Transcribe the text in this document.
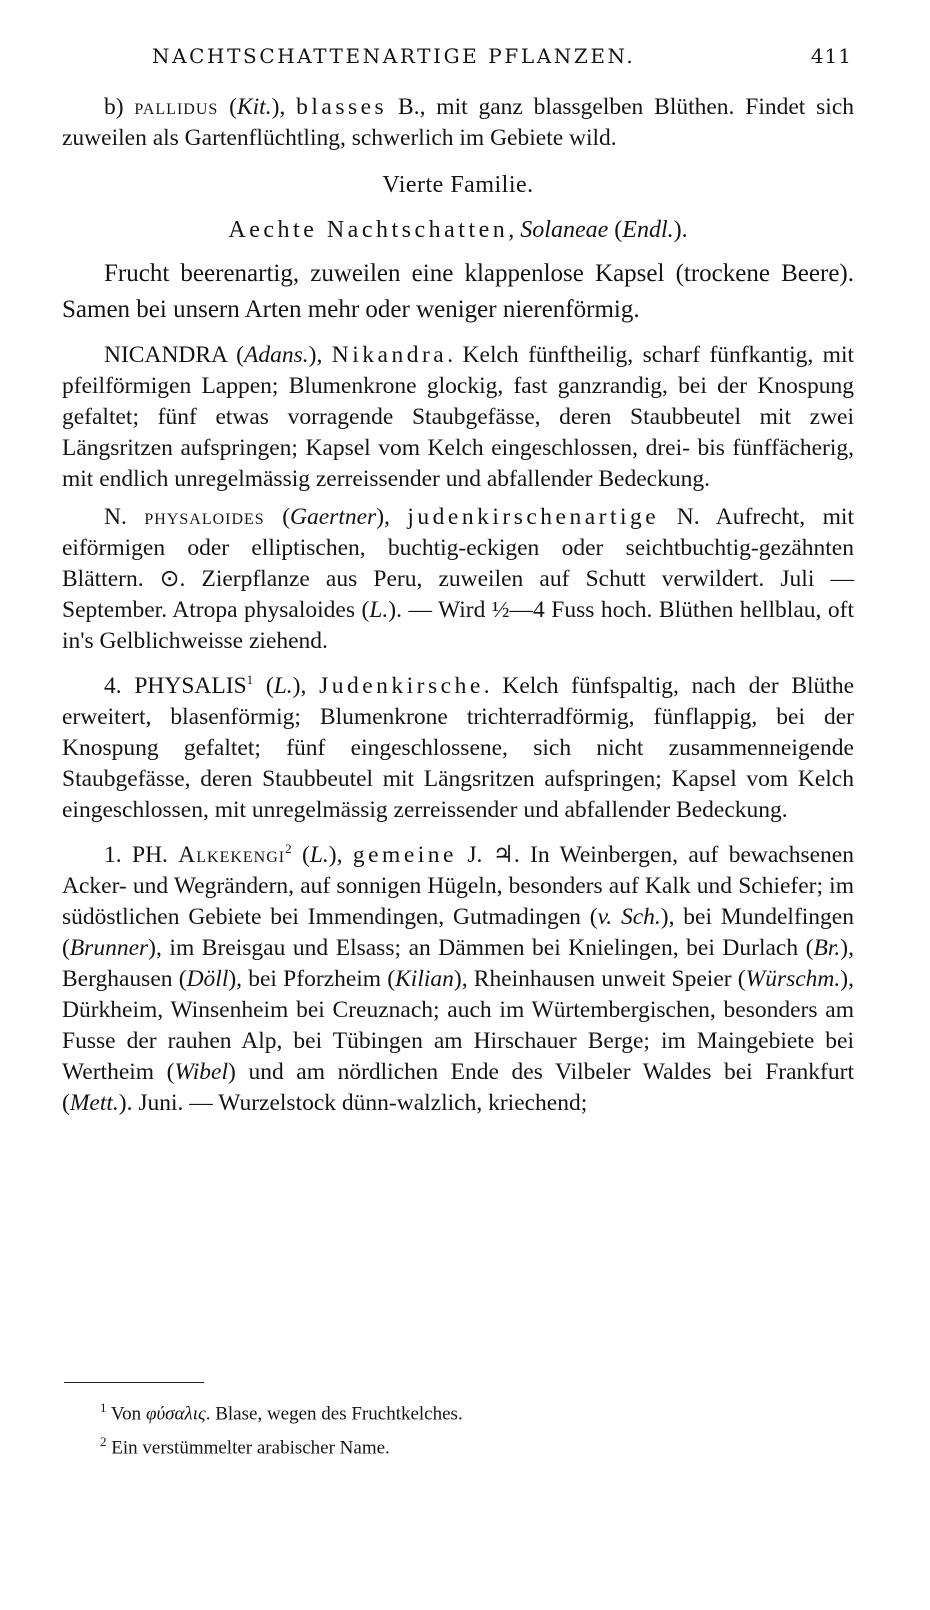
NACHTSCHATTENARTIGE PFLANZEN.	411

b) pallidus (Kit.), blasses B., mit ganz blassgelben Blüthen. Findet sich zuweilen als Gartenflüchtling, schwerlich im Gebiete wild.

Vierte Familie.

Aechte Nachtschatten, Solaneae (Endl.).

Frucht beerenartig, zuweilen eine klappenlose Kapsel (trockene Beere). Samen bei unsern Arten mehr oder weniger nierenförmig.

NICANDRA (Adans.), Nikandra. Kelch fünftheilig, scharf fünfkantig, mit pfeilförmigen Lappen; Blumenkrone glockig, fast ganzrandig, bei der Knospung gefaltet; fünf etwas vorragende Staubgefässe, deren Staubbeutel mit zwei Längsritzen aufspringen; Kapsel vom Kelch eingeschlossen, drei- bis fünffächerig, mit endlich unregelmässig zerreissender und abfallender Bedeckung.

N. physaloides (Gaertner), judenkirschenartige N. Aufrecht, mit eiförmigen oder elliptischen, buchtig-eckigen oder seichtbuchtig-gezähnten Blättern. ⊙. Zierpflanze aus Peru, zuweilen auf Schutt verwildert. Juli — September. Atropa physaloides (L.). — Wird ½—4 Fuss hoch. Blüthen hellblau, oft in's Gelblichweisse ziehend.

4. PHYSALIS$^1$ (L.), Judenkirsche. Kelch fünfspaltig, nach der Blüthe erweitert, blasenförmig; Blumenkrone trichterradförmig, fünflappig, bei der Knospung gefaltet; fünf eingeschlossene, sich nicht zusammenneigende Staubgefässe, deren Staubbeutel mit Längsritzen aufspringen; Kapsel vom Kelch eingeschlossen, mit unregelmässig zerreissender und abfallender Bedeckung.

1. PH. Alkekengi$^2$ (L.), gemeine J. ♃. In Weinbergen, auf bewachsenen Acker- und Wegrändern, auf sonnigen Hügeln, besonders auf Kalk und Schiefer; im südöstlichen Gebiete bei Immendingen, Gutmadingen (v. Sch.), bei Mundelfingen (Brunner), im Breisgau und Elsass; an Dämmen bei Knielingen, bei Durlach (Br.), Berghausen (Döll), bei Pforzheim (Kilian), Rheinhausen unweit Speier (Würschm.), Dürkheim, Winsenheim bei Creuznach; auch im Würtembergischen, besonders am Fusse der rauhen Alp, bei Tübingen am Hirschauer Berge; im Maingebiete bei Wertheim (Wibel) und am nördlichen Ende des Vilbeler Waldes bei Frankfurt (Mett.). Juni. — Wurzelstock dünn-walzlich, kriechend;

$^1$ Von φύσαλις. Blase, wegen des Fruchtkelches.
$^2$ Ein verstümmelter arabischer Name.
